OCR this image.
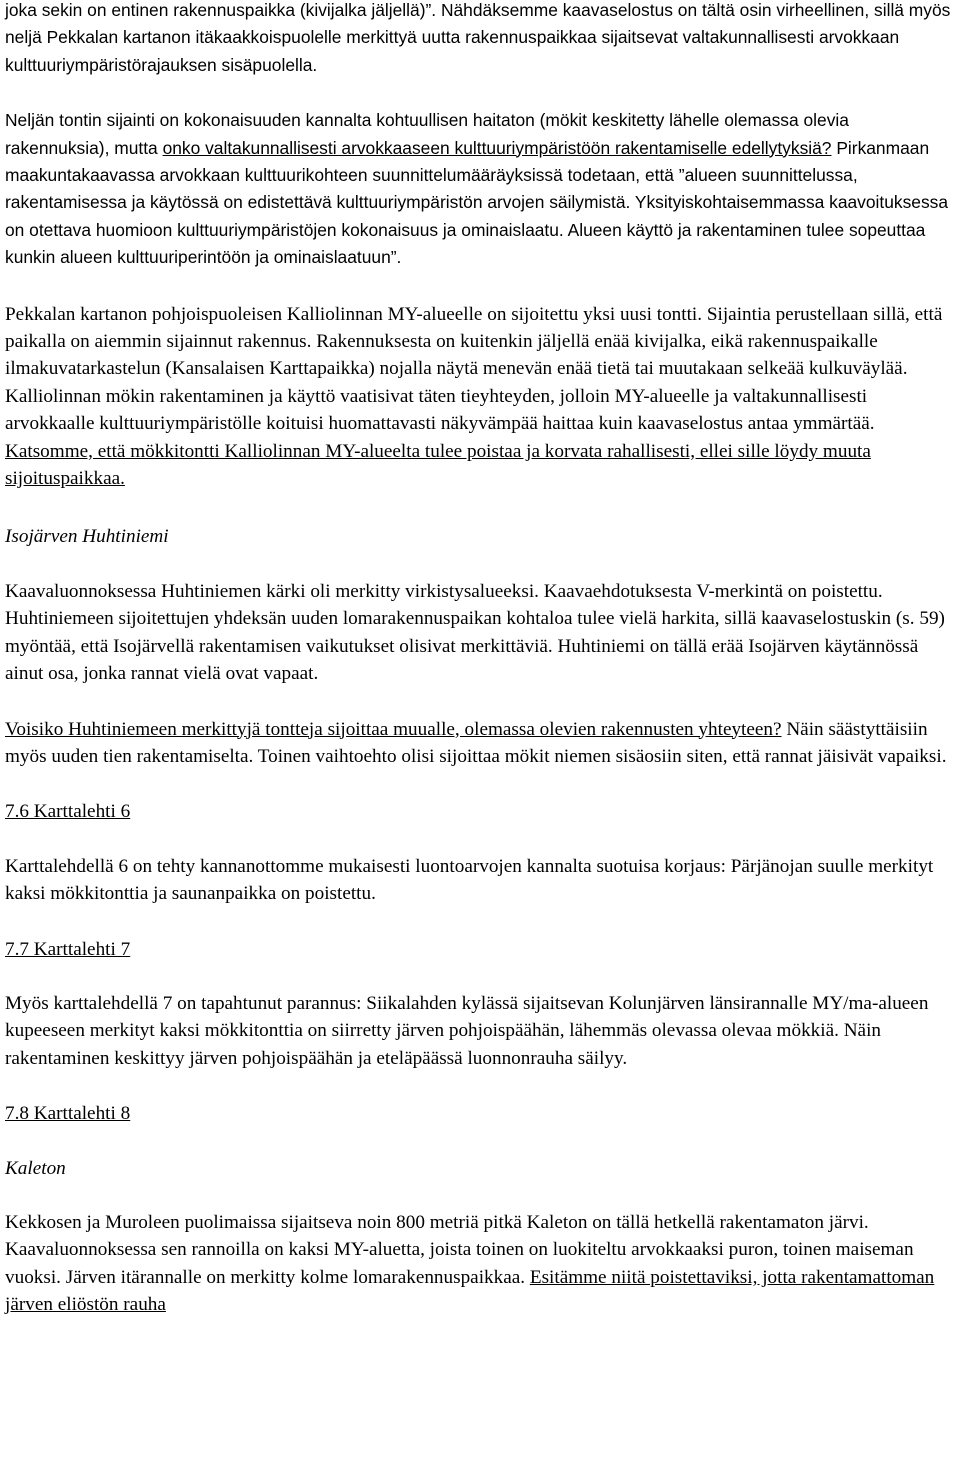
joka sekin on entinen rakennuspaikka (kivijalka jäljellä)”. Nähdäksemme kaavaselostus on tältä osin virheellinen, sillä myös neljä Pekkalan kartanon itäkaakkoispuolelle merkittyä uutta rakennuspaikkaa sijaitsevat valtakunnallisesti arvokkaan kulttuuriympäristörajauksen sisäpuolella.

Neljän tontin sijainti on kokonaisuuden kannalta kohtuullisen haitaton (mökit keskitetty lähelle olemassa olevia rakennuksia), mutta onko valtakunnallisesti arvokkaaseen kulttuuriympäristöön rakentamiselle edellytyksiä? Pirkanmaan maakuntakaavassa arvokkaan kulttuurikohteen suunnittelumääräyksissä todetaan, että ”alueen suunnittelussa, rakentamisessa ja käytössä on edistettävä kulttuuriympäristön arvojen säilymistä. Yksityiskohtaisemmassa kaavoituksessa on otettava huomioon kulttuuriympäristöjen kokonaisuus ja ominaislaatu. Alueen käyttö ja rakentaminen tulee sopeuttaa kunkin alueen kulttuuriperintöön ja ominaislaatuun”.

Pekkalan kartanon pohjoispuoleisen Kalliolinnan MY-alueelle on sijoitettu yksi uusi tontti. Sijaintia perustellaan sillä, että paikalla on aiemmin sijainnut rakennus. Rakennuksesta on kuitenkin jäljellä enää kivijalka, eikä rakennuspaikalle ilmakuvatarkastelun (Kansalaisen Karttapaikka) nojalla näytä menevän enää tietä tai muutakaan selkeää kulkuväylää. Kalliolinnan mökin rakentaminen ja käyttö vaatisivat täten tieyhteyden, jolloin MY-alueelle ja valtakunnallisesti arvokkaalle kulttuuriympäristölle koituisi huomattavasti näkyvämpää haittaa kuin kaavaselostus antaa ymmärtää. Katsomme, että mökkitontti Kalliolinnan MY-alueelta tulee poistaa ja korvata rahallisesti, ellei sille löydy muuta sijoituspaikkaa.

Isojärven Huhtiniemi

Kaavaluonnoksessa Huhtiniemen kärki oli merkitty virkistysalueeksi. Kaavaehdotuksesta V-merkintä on poistettu. Huhtiniemeen sijoitettujen yhdeksän uuden lomarakennuspaikan kohtaloa tulee vielä harkita, sillä kaavaselostuskin (s. 59) myöntää, että Isojärvellä rakentamisen vaikutukset olisivat merkittäviä. Huhtiniemi on tällä erää Isojärven käytännössä ainut osa, jonka rannat vielä ovat vapaat.

Voisiko Huhtiniemeen merkittyjä tontteja sijoittaa muualle, olemassa olevien rakennusten yhteyteen? Näin säästyttäisiin myös uuden tien rakentamiselta. Toinen vaihtoehto olisi sijoittaa mökit niemen sisäosiin siten, että rannat jäisivät vapaiksi.

7.6 Karttalehti 6

Karttalehdellä 6 on tehty kannanottomme mukaisesti luontoarvojen kannalta suotuisa korjaus: Pärjänojan suulle merkityt kaksi mökkitonttia ja saunanpaikka on poistettu.

7.7 Karttalehti 7

Myös karttalehdellä 7 on tapahtunut parannus: Siikalahden kylässä sijaitsevan Kolunjärven länsirannalle MY/ma-alueen kupeeseen merkityt kaksi mökkitonttia on siirretty järven pohjoispäähän, lähemmäs olevassa olevaa mökkiä. Näin rakentaminen keskittyy järven pohjoispäähän ja eteläpäässä luonnonrauha säilyy.

7.8 Karttalehti 8

Kaleton

Kekkosen ja Muroleen puolimaissa sijaitseva noin 800 metriä pitkä Kaleton on tällä hetkellä rakentamaton järvi. Kaavaluonnoksessa sen rannoilla on kaksi MY-aluetta, joista toinen on luokiteltu arvokkaaksi puron, toinen maiseman vuoksi. Järven itärannalle on merkitty kolme lomarakennuspaikkaa. Esitämme niitä poistettaviksi, jotta rakentamattoman järven eliöstön rauha
